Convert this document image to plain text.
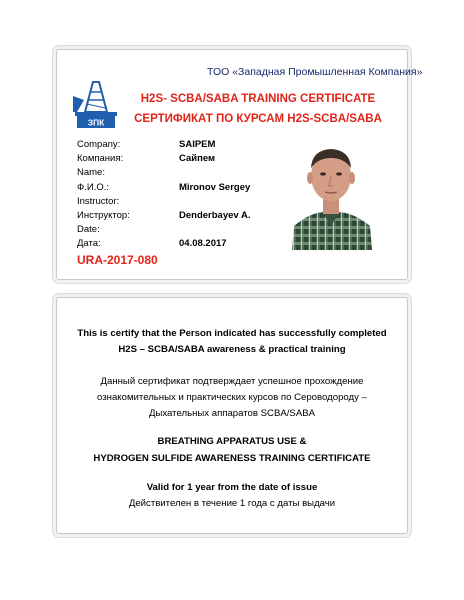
ТОО «Западная Промышленная Компания»
ЗПК
H2S- SCBA/SABA TRAINING CERTIFICATE
СЕРТИФИКАТ ПО КУРСАМ H2S-SCBA/SABA
Company:	SAIPEM
Компания:	Сайпем
Name:
Ф.И.О.:	Mironov Sergey
Instructor:
Инструктор:	Denderbayev A.
Date:
Дата:	04.08.2017
URA-2017-080
This is certify that the Person indicated has successfully completed
H2S – SCBA/SABA awareness & practical training
Данный сертификат подтверждает успешное прохождение
ознакомительных и практических курсов по Сероводороду –
Дыхательных аппаратов SCBA/SABA
BREATHING APPARATUS USE &
HYDROGEN SULFIDE AWARENESS TRAINING CERTIFICATE
Valid for 1 year from the date of issue
Действителен в течение 1 года с даты выдачи
